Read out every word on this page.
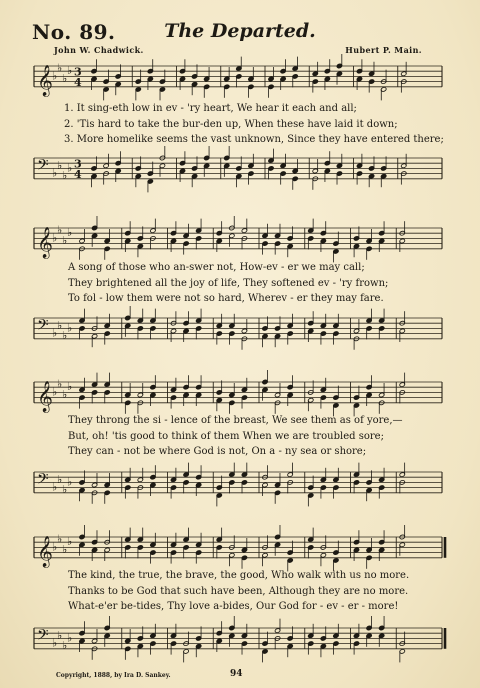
No. 89.	The Departed.
John W. Chadwick.	Hubert P. Main.
𝄞 ♭
♭
♭
♭ 3
4
1. It sing-eth low in ev - 'ry heart, We hear it each and all;
2. 'Tis hard to take the bur-den up, When these have laid it down;
3. More homelike seems the vast unknown, Since they have entered there;
𝄢 ♭
♭
♭
♭ 3
4
𝄞 ♭
♭
♭
♭
A song of those who an-swer not, How-ev - er we may call;
They brightened all the joy of life, They softened ev - 'ry frown;
To fol - low them were not so hard, Wherev - er they may fare.
𝄢 ♭
♭
♭
♭
𝄞 ♭
♭
♭
♭
They throng the si - lence of the breast, We see them as of yore,—
But, oh! 'tis good to think of them When we are troubled sore;
They can - not be where God is not, On a - ny sea or shore;
𝄢 ♭
♭
♭
♭
𝄞 ♭
♭
♭
♭
The kind, the true, the brave, the good, Who walk with us no more.
Thanks to be God that such have been, Although they are no more.
What-e'er be-tides, Thy love a-bides, Our God for - ev - er - more!
𝄢 ♭
♭
♭
♭
Copyright, 1888, by Ira D. Sankey.	94
